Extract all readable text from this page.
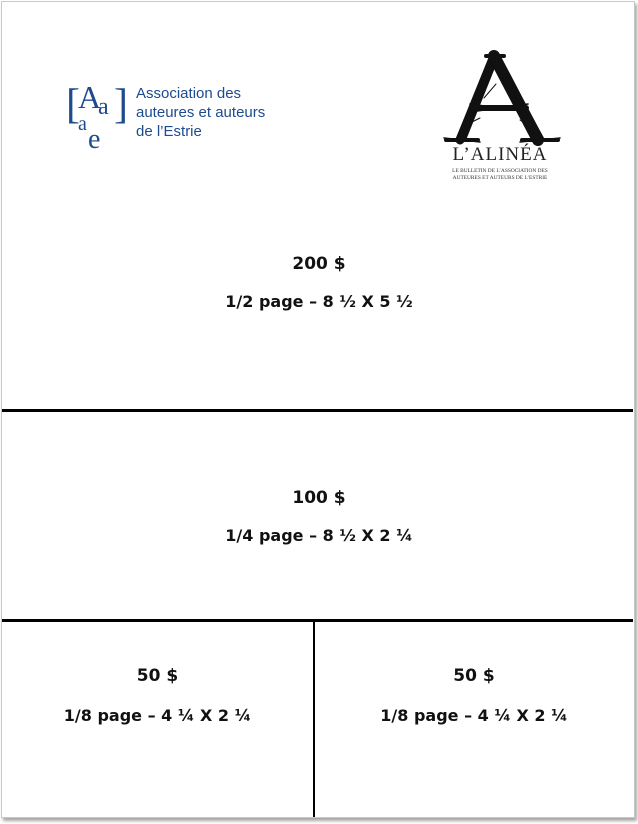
[
A
a
a e
] Association des
auteures et auteurs
de l’Estrie
L’ALINÉA
LE BULLETIN DE L’ASSOCIATION DES AUTEURES ET AUTEURS DE L’ESTRIE
200 $
1/2 page – 8 ½ X 5 ½
100 $
1/4 page – 8 ½ X 2 ¼
50 $
1/8 page – 4 ¼ X 2 ¼
50 $
1/8 page – 4 ¼ X 2 ¼
